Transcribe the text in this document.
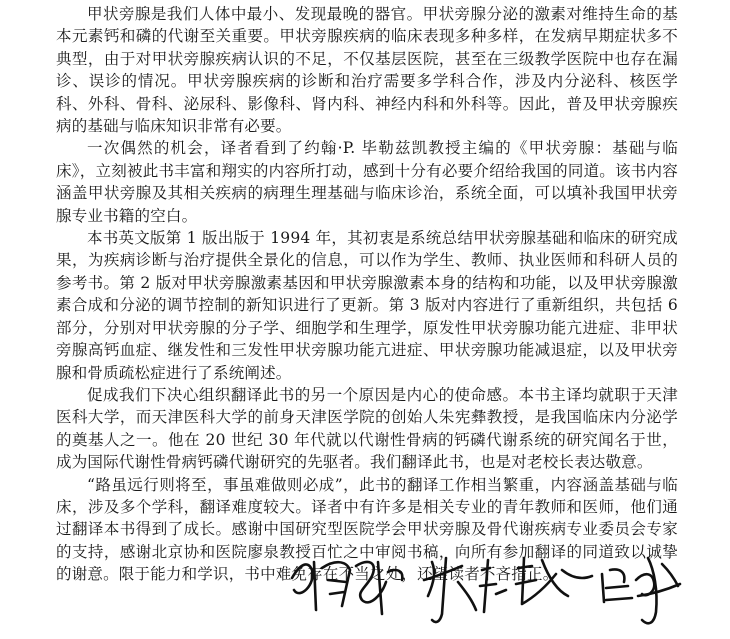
甲状旁腺是我们人体中最小、发现最晚的器官。甲状旁腺分泌的激素对维持生命的基本元素钙和磷的代谢至关重要。甲状旁腺疾病的临床表现多种多样，在发病早期症状多不典型，由于对甲状旁腺疾病认识的不足，不仅基层医院，甚至在三级教学医院中也存在漏诊、误诊的情况。甲状旁腺疾病的诊断和治疗需要多学科合作，涉及内分泌科、核医学科、外科、骨科、泌尿科、影像科、肾内科、神经内科和外科等。因此，普及甲状旁腺疾病的基础与临床知识非常有必要。

一次偶然的机会，译者看到了约翰·P. 毕勒兹凯教授主编的《甲状旁腺：基础与临床》，立刻被此书丰富和翔实的内容所打动，感到十分有必要介绍给我国的同道。该书内容涵盖甲状旁腺及其相关疾病的病理生理基础与临床诊治，系统全面，可以填补我国甲状旁腺专业书籍的空白。

本书英文版第 1 版出版于 1994 年，其初衷是系统总结甲状旁腺基础和临床的研究成果，为疾病诊断与治疗提供全景化的信息，可以作为学生、教师、执业医师和科研人员的参考书。第 2 版对甲状旁腺激素基因和甲状旁腺激素本身的结构和功能，以及甲状旁腺激素合成和分泌的调节控制的新知识进行了更新。第 3 版对内容进行了重新组织，共包括 6 部分，分别对甲状旁腺的分子学、细胞学和生理学，原发性甲状旁腺功能亢进症、非甲状旁腺高钙血症、继发性和三发性甲状旁腺功能亢进症、甲状旁腺功能减退症，以及甲状旁腺和骨质疏松症进行了系统阐述。

促成我们下决心组织翻译此书的另一个原因是内心的使命感。本书主译均就职于天津医科大学，而天津医科大学的前身天津医学院的创始人朱宪彝教授，是我国临床内分泌学的奠基人之一。他在 20 世纪 30 年代就以代谢性骨病的钙磷代谢系统的研究闻名于世，成为国际代谢性骨病钙磷代谢研究的先驱者。我们翻译此书，也是对老校长表达敬意。

“路虽远行则将至，事虽难做则必成”，此书的翻译工作相当繁重，内容涵盖基础与临床，涉及多个学科，翻译难度较大。译者中有许多是相关专业的青年教师和医师，他们通过翻译本书得到了成长。感谢中国研究型医院学会甲状旁腺及骨代谢疾病专业委员会专家的支持，感谢北京协和医院廖泉教授百忙之中审阅书稿，向所有参加翻译的同道致以诚挚的谢意。限于能力和学识，书中难免存在不当之处，还望读者不吝指正。
